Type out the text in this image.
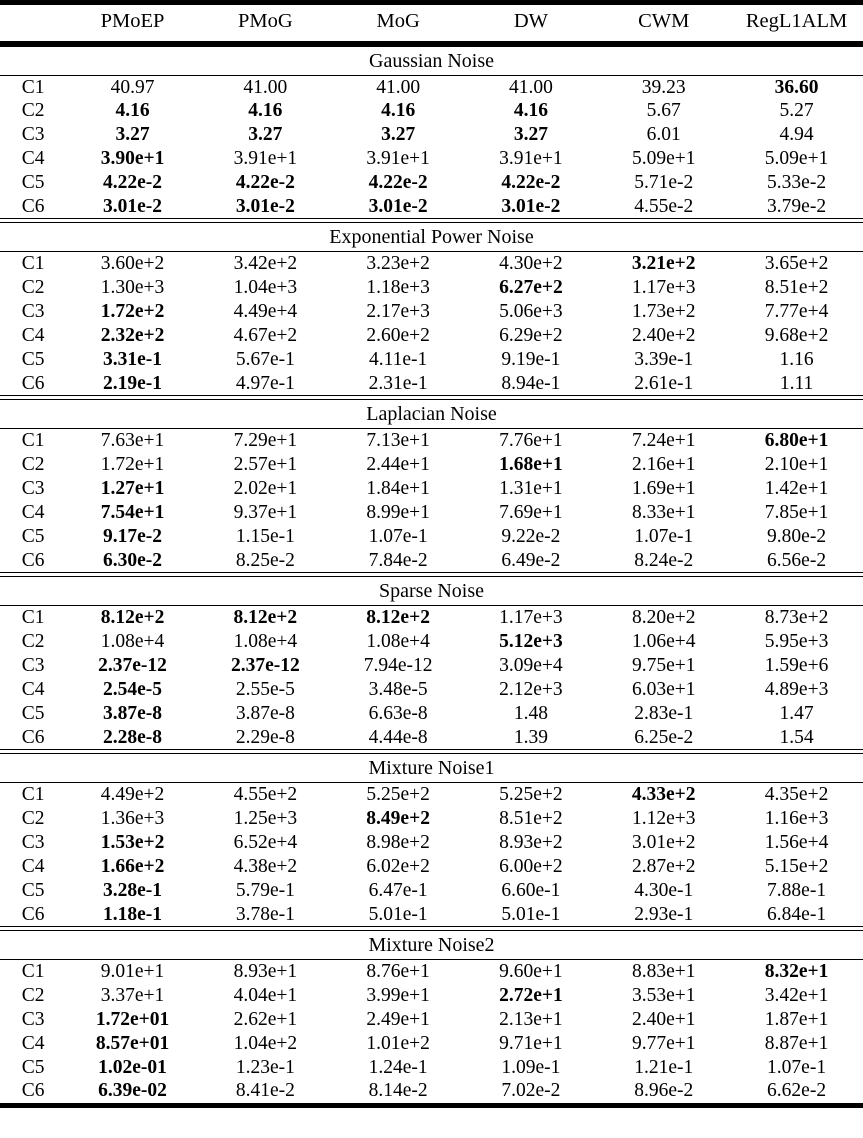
	PMoEP	PMoG	MoG	DW	CWM	RegL1ALM

Gaussian Noise						

C1	40.97	41.00	41.00	41.00	39.23	36.60
C2	4.16	4.16	4.16	4.16	5.67	5.27
C3	3.27	3.27	3.27	3.27	6.01	4.94
C4	3.90e+1	3.91e+1	3.91e+1	3.91e+1	5.09e+1	5.09e+1
C5	4.22e-2	4.22e-2	4.22e-2	4.22e-2	5.71e-2	5.33e-2
C6	3.01e-2	3.01e-2	3.01e-2	3.01e-2	4.55e-2	3.79e-2

Exponential Power Noise						

C1	3.60e+2	3.42e+2	3.23e+2	4.30e+2	3.21e+2	3.65e+2
C2	1.30e+3	1.04e+3	1.18e+3	6.27e+2	1.17e+3	8.51e+2
C3	1.72e+2	4.49e+4	2.17e+3	5.06e+3	1.73e+2	7.77e+4
C4	2.32e+2	4.67e+2	2.60e+2	6.29e+2	2.40e+2	9.68e+2
C5	3.31e-1	5.67e-1	4.11e-1	9.19e-1	3.39e-1	1.16
C6	2.19e-1	4.97e-1	2.31e-1	8.94e-1	2.61e-1	1.11

Laplacian Noise						

C1	7.63e+1	7.29e+1	7.13e+1	7.76e+1	7.24e+1	6.80e+1
C2	1.72e+1	2.57e+1	2.44e+1	1.68e+1	2.16e+1	2.10e+1
C3	1.27e+1	2.02e+1	1.84e+1	1.31e+1	1.69e+1	1.42e+1
C4	7.54e+1	9.37e+1	8.99e+1	7.69e+1	8.33e+1	7.85e+1
C5	9.17e-2	1.15e-1	1.07e-1	9.22e-2	1.07e-1	9.80e-2
C6	6.30e-2	8.25e-2	7.84e-2	6.49e-2	8.24e-2	6.56e-2

Sparse Noise						

C1	8.12e+2	8.12e+2	8.12e+2	1.17e+3	8.20e+2	8.73e+2
C2	1.08e+4	1.08e+4	1.08e+4	5.12e+3	1.06e+4	5.95e+3
C3	2.37e-12	2.37e-12	7.94e-12	3.09e+4	9.75e+1	1.59e+6
C4	2.54e-5	2.55e-5	3.48e-5	2.12e+3	6.03e+1	4.89e+3
C5	3.87e-8	3.87e-8	6.63e-8	1.48	2.83e-1	1.47
C6	2.28e-8	2.29e-8	4.44e-8	1.39	6.25e-2	1.54

Mixture Noise1						

C1	4.49e+2	4.55e+2	5.25e+2	5.25e+2	4.33e+2	4.35e+2
C2	1.36e+3	1.25e+3	8.49e+2	8.51e+2	1.12e+3	1.16e+3
C3	1.53e+2	6.52e+4	8.98e+2	8.93e+2	3.01e+2	1.56e+4
C4	1.66e+2	4.38e+2	6.02e+2	6.00e+2	2.87e+2	5.15e+2
C5	3.28e-1	5.79e-1	6.47e-1	6.60e-1	4.30e-1	7.88e-1
C6	1.18e-1	3.78e-1	5.01e-1	5.01e-1	2.93e-1	6.84e-1

Mixture Noise2						

C1	9.01e+1	8.93e+1	8.76e+1	9.60e+1	8.83e+1	8.32e+1
C2	3.37e+1	4.04e+1	3.99e+1	2.72e+1	3.53e+1	3.42e+1
C3	1.72e+01	2.62e+1	2.49e+1	2.13e+1	2.40e+1	1.87e+1
C4	8.57e+01	1.04e+2	1.01e+2	9.71e+1	9.77e+1	8.87e+1
C5	1.02e-01	1.23e-1	1.24e-1	1.09e-1	1.21e-1	1.07e-1
C6	6.39e-02	8.41e-2	8.14e-2	7.02e-2	8.96e-2	6.62e-2
